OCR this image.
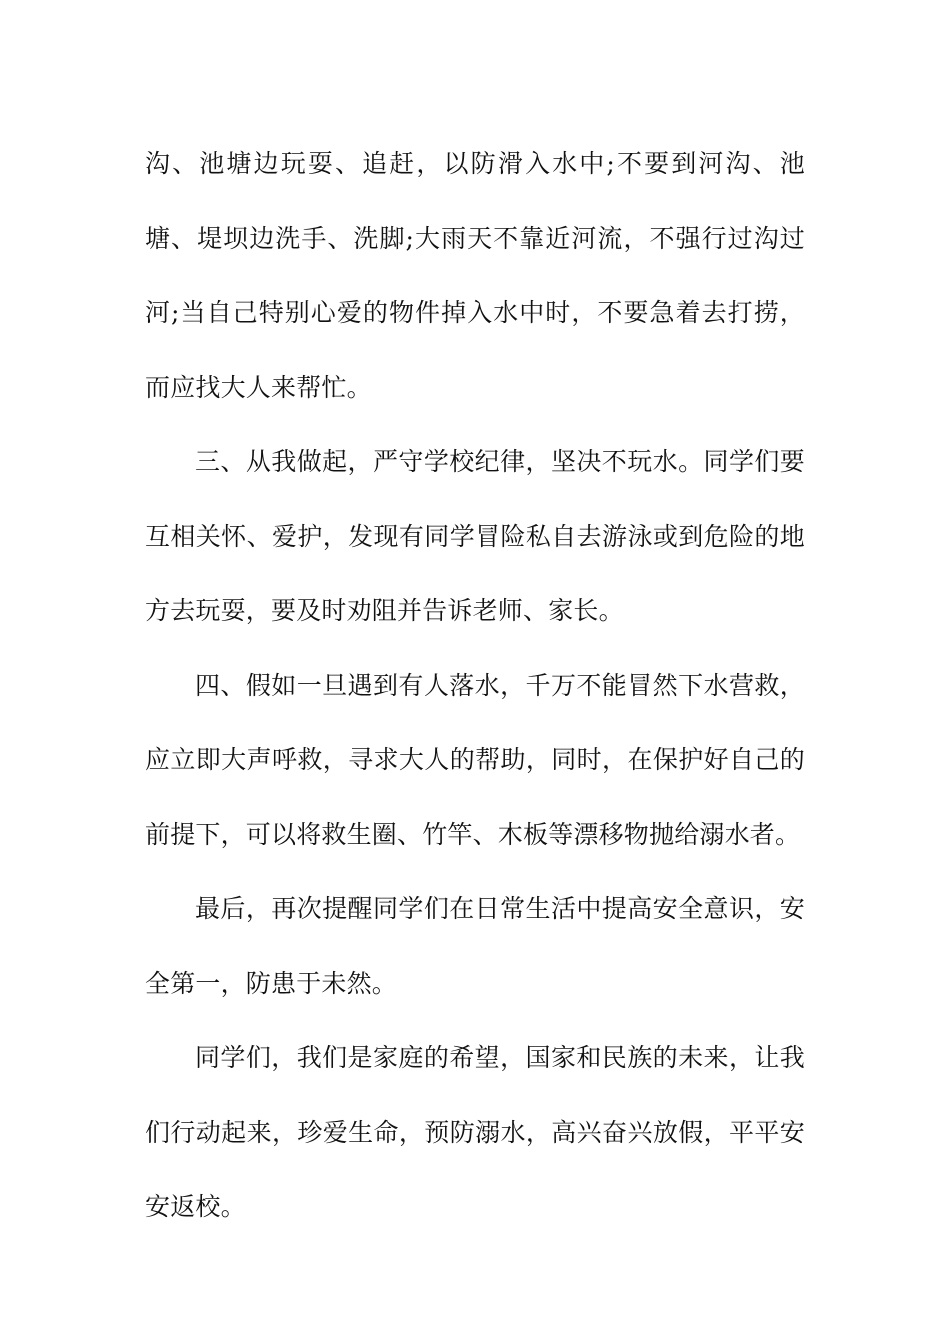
沟、池塘边玩耍、追赶，以防滑入水中;不要到河沟、池塘、堤坝边洗手、洗脚;大雨天不靠近河流，不强行过沟过河;当自己特别心爱的物件掉入水中时，不要急着去打捞，而应找大人来帮忙。

三、从我做起，严守学校纪律，坚决不玩水。同学们要互相关怀、爱护，发现有同学冒险私自去游泳或到危险的地方去玩耍，要及时劝阻并告诉老师、家长。

四、假如一旦遇到有人落水，千万不能冒然下水营救，应立即大声呼救，寻求大人的帮助，同时，在保护好自己的前提下，可以将救生圈、竹竿、木板等漂移物抛给溺水者。

最后，再次提醒同学们在日常生活中提高安全意识，安全第一，防患于未然。

同学们，我们是家庭的希望，国家和民族的未来，让我们行动起来，珍爱生命，预防溺水，高兴奋兴放假，平平安安返校。
